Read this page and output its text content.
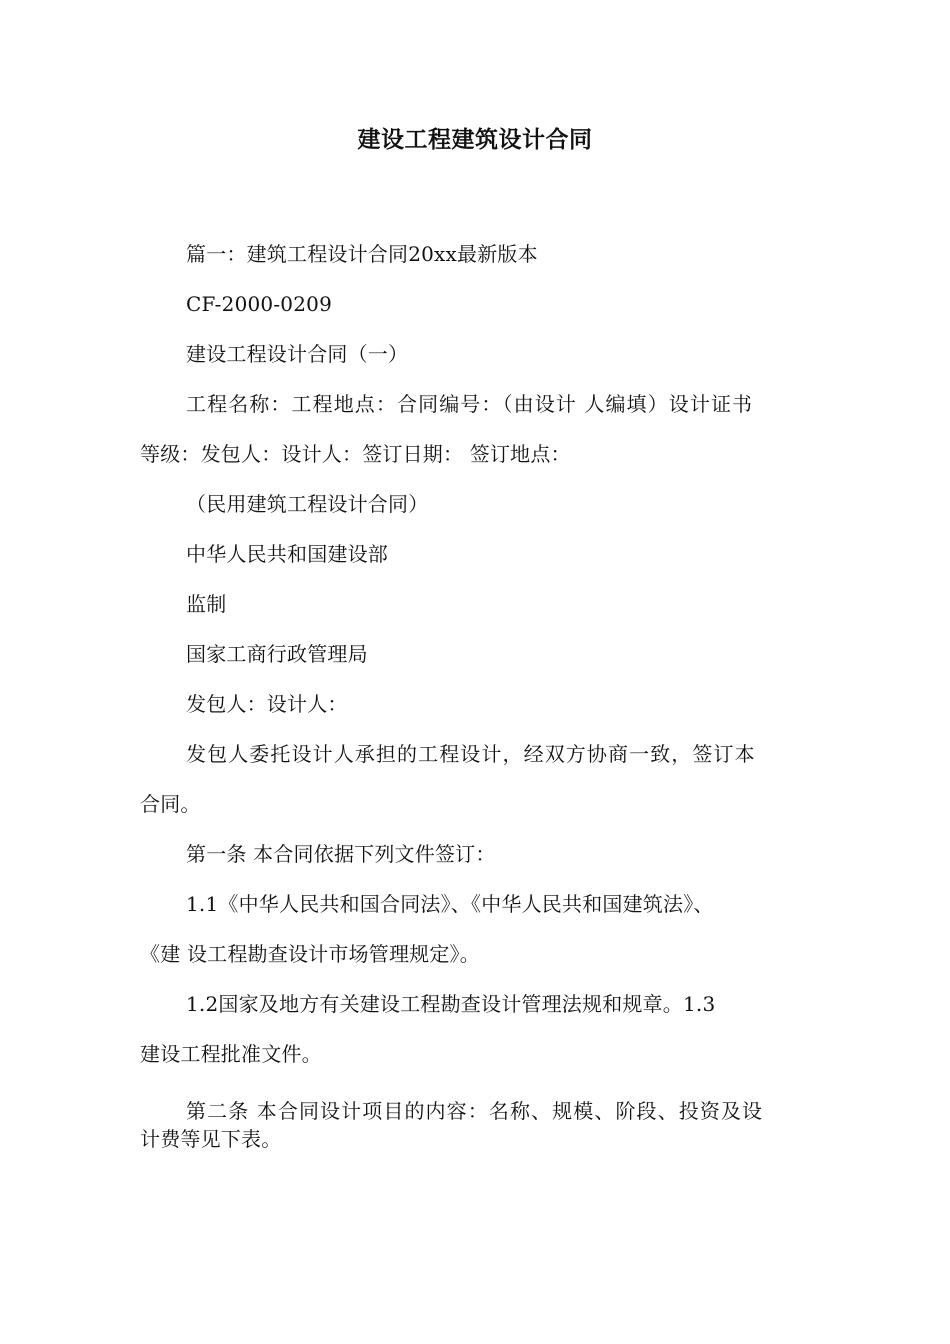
建设工程建筑设计合同

篇一：建筑工程设计合同20xx最新版本

CF-2000-0209

建设工程设计合同（一）

工程名称：工程地点：合同编号：（由设计 人编填）设计证书

等级：发包人：设计人：签订日期： 签订地点：

（民用建筑工程设计合同）

中华人民共和国建设部

监制

国家工商行政管理局

发包人：设计人：

发包人委托设计人承担的工程设计，经双方协商一致，签订本

合同。

第一条 本合同依据下列文件签订：

1.1《中华人民共和国合同法》、《中华人民共和国建筑法》、

《建 设工程勘查设计市场管理规定》。

1.2国家及地方有关建设工程勘查设计管理法规和规章。1.3

建设工程批准文件。

第二条 本合同设计项目的内容：名称、规模、阶段、投资及设

计费等见下表。
